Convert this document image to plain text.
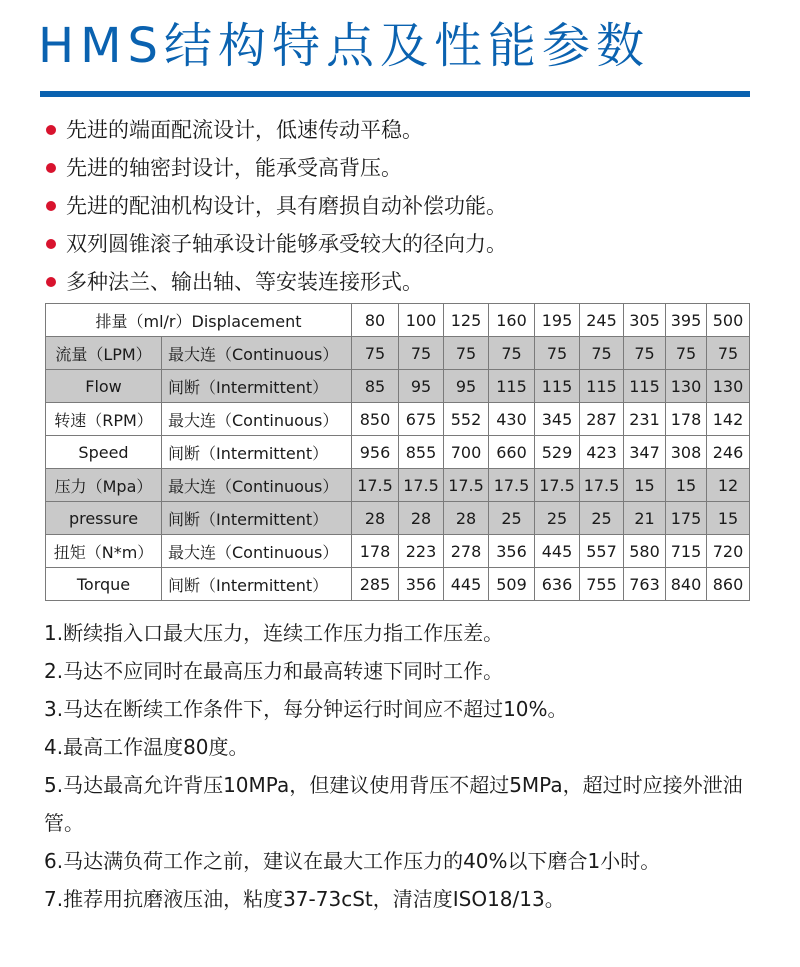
HMS结构特点及性能参数
先进的端面配流设计，低速传动平稳。
先进的轴密封设计，能承受高背压。
先进的配油机构设计，具有磨损自动补偿功能。
双列圆锥滚子轴承设计能够承受较大的径向力。
多种法兰、输出轴、等安装连接形式。
排量（ml/r）Displacement		80	100	125	160	195	245	305	395	500
流量（LPM）	最大连（Continuous）	75	75	75	75	75	75	75	75	75
Flow	间断（Intermittent）	85	95	95	115	115	115	115	130	130
转速（RPM）	最大连（Continuous）	850	675	552	430	345	287	231	178	142
Speed	间断（Intermittent）	956	855	700	660	529	423	347	308	246
压力（Mpa）	最大连（Continuous）	17.5	17.5	17.5	17.5	17.5	17.5	15	15	12
pressure	间断（Intermittent）	28	28	28	25	25	25	21	175	15
扭矩（N*m）	最大连（Continuous）	178	223	278	356	445	557	580	715	720
Torque	间断（Intermittent）	285	356	445	509	636	755	763	840	860
1.断续指入口最大压力，连续工作压力指工作压差。
2.马达不应同时在最高压力和最高转速下同时工作。
3.马达在断续工作条件下，每分钟运行时间应不超过10%。
4.最高工作温度80度。
5.马达最高允许背压10MPa，但建议使用背压不超过5MPa，超过时应接外泄油管。
6.马达满负荷工作之前，建议在最大工作压力的40%以下磨合1小时。
7.推荐用抗磨液压油，粘度37-73cSt，清洁度ISO18/13。
